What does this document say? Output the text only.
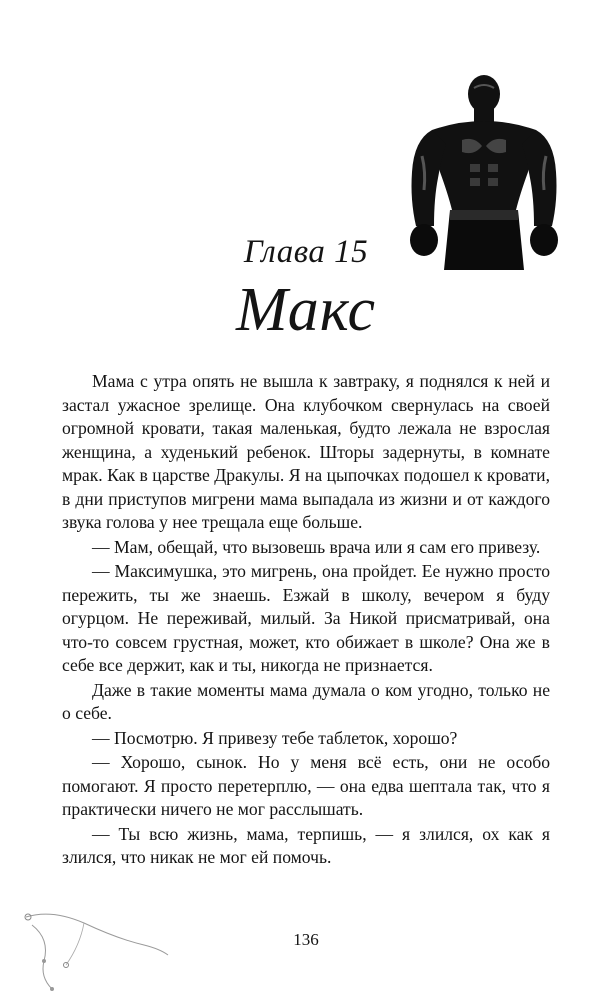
Глава 15
Макс

Мама с утра опять не вышла к завтраку, я поднялся к ней и застал ужасное зрелище. Она клубочком свернулась на своей огромной кровати, такая маленькая, будто лежала не взрослая женщина, а худенький ребенок. Шторы задернуты, в комнате мрак. Как в царстве Дракулы. Я на цыпочках подошел к кровати, в дни приступов мигрени мама выпадала из жизни и от каждого звука голова у нее трещала еще больше.

— Мам, обещай, что вызовешь врача или я сам его привезу.

— Максимушка, это мигрень, она пройдет. Ее нужно просто пережить, ты же знаешь. Езжай в школу, вечером я буду огурцом. Не переживай, милый. За Никой присматривай, она что-то совсем грустная, может, кто обижает в школе? Она же в себе все держит, как и ты, никогда не признается.

Даже в такие моменты мама думала о ком угодно, только не о себе.

— Посмотрю. Я привезу тебе таблеток, хорошо?

— Хорошо, сынок. Но у меня всё есть, они не особо помогают. Я просто перетерплю, — она едва шептала так, что я практически ничего не мог расслышать.

— Ты всю жизнь, мама, терпишь, — я злился, ох как я злился, что никак не мог ей помочь.

136
